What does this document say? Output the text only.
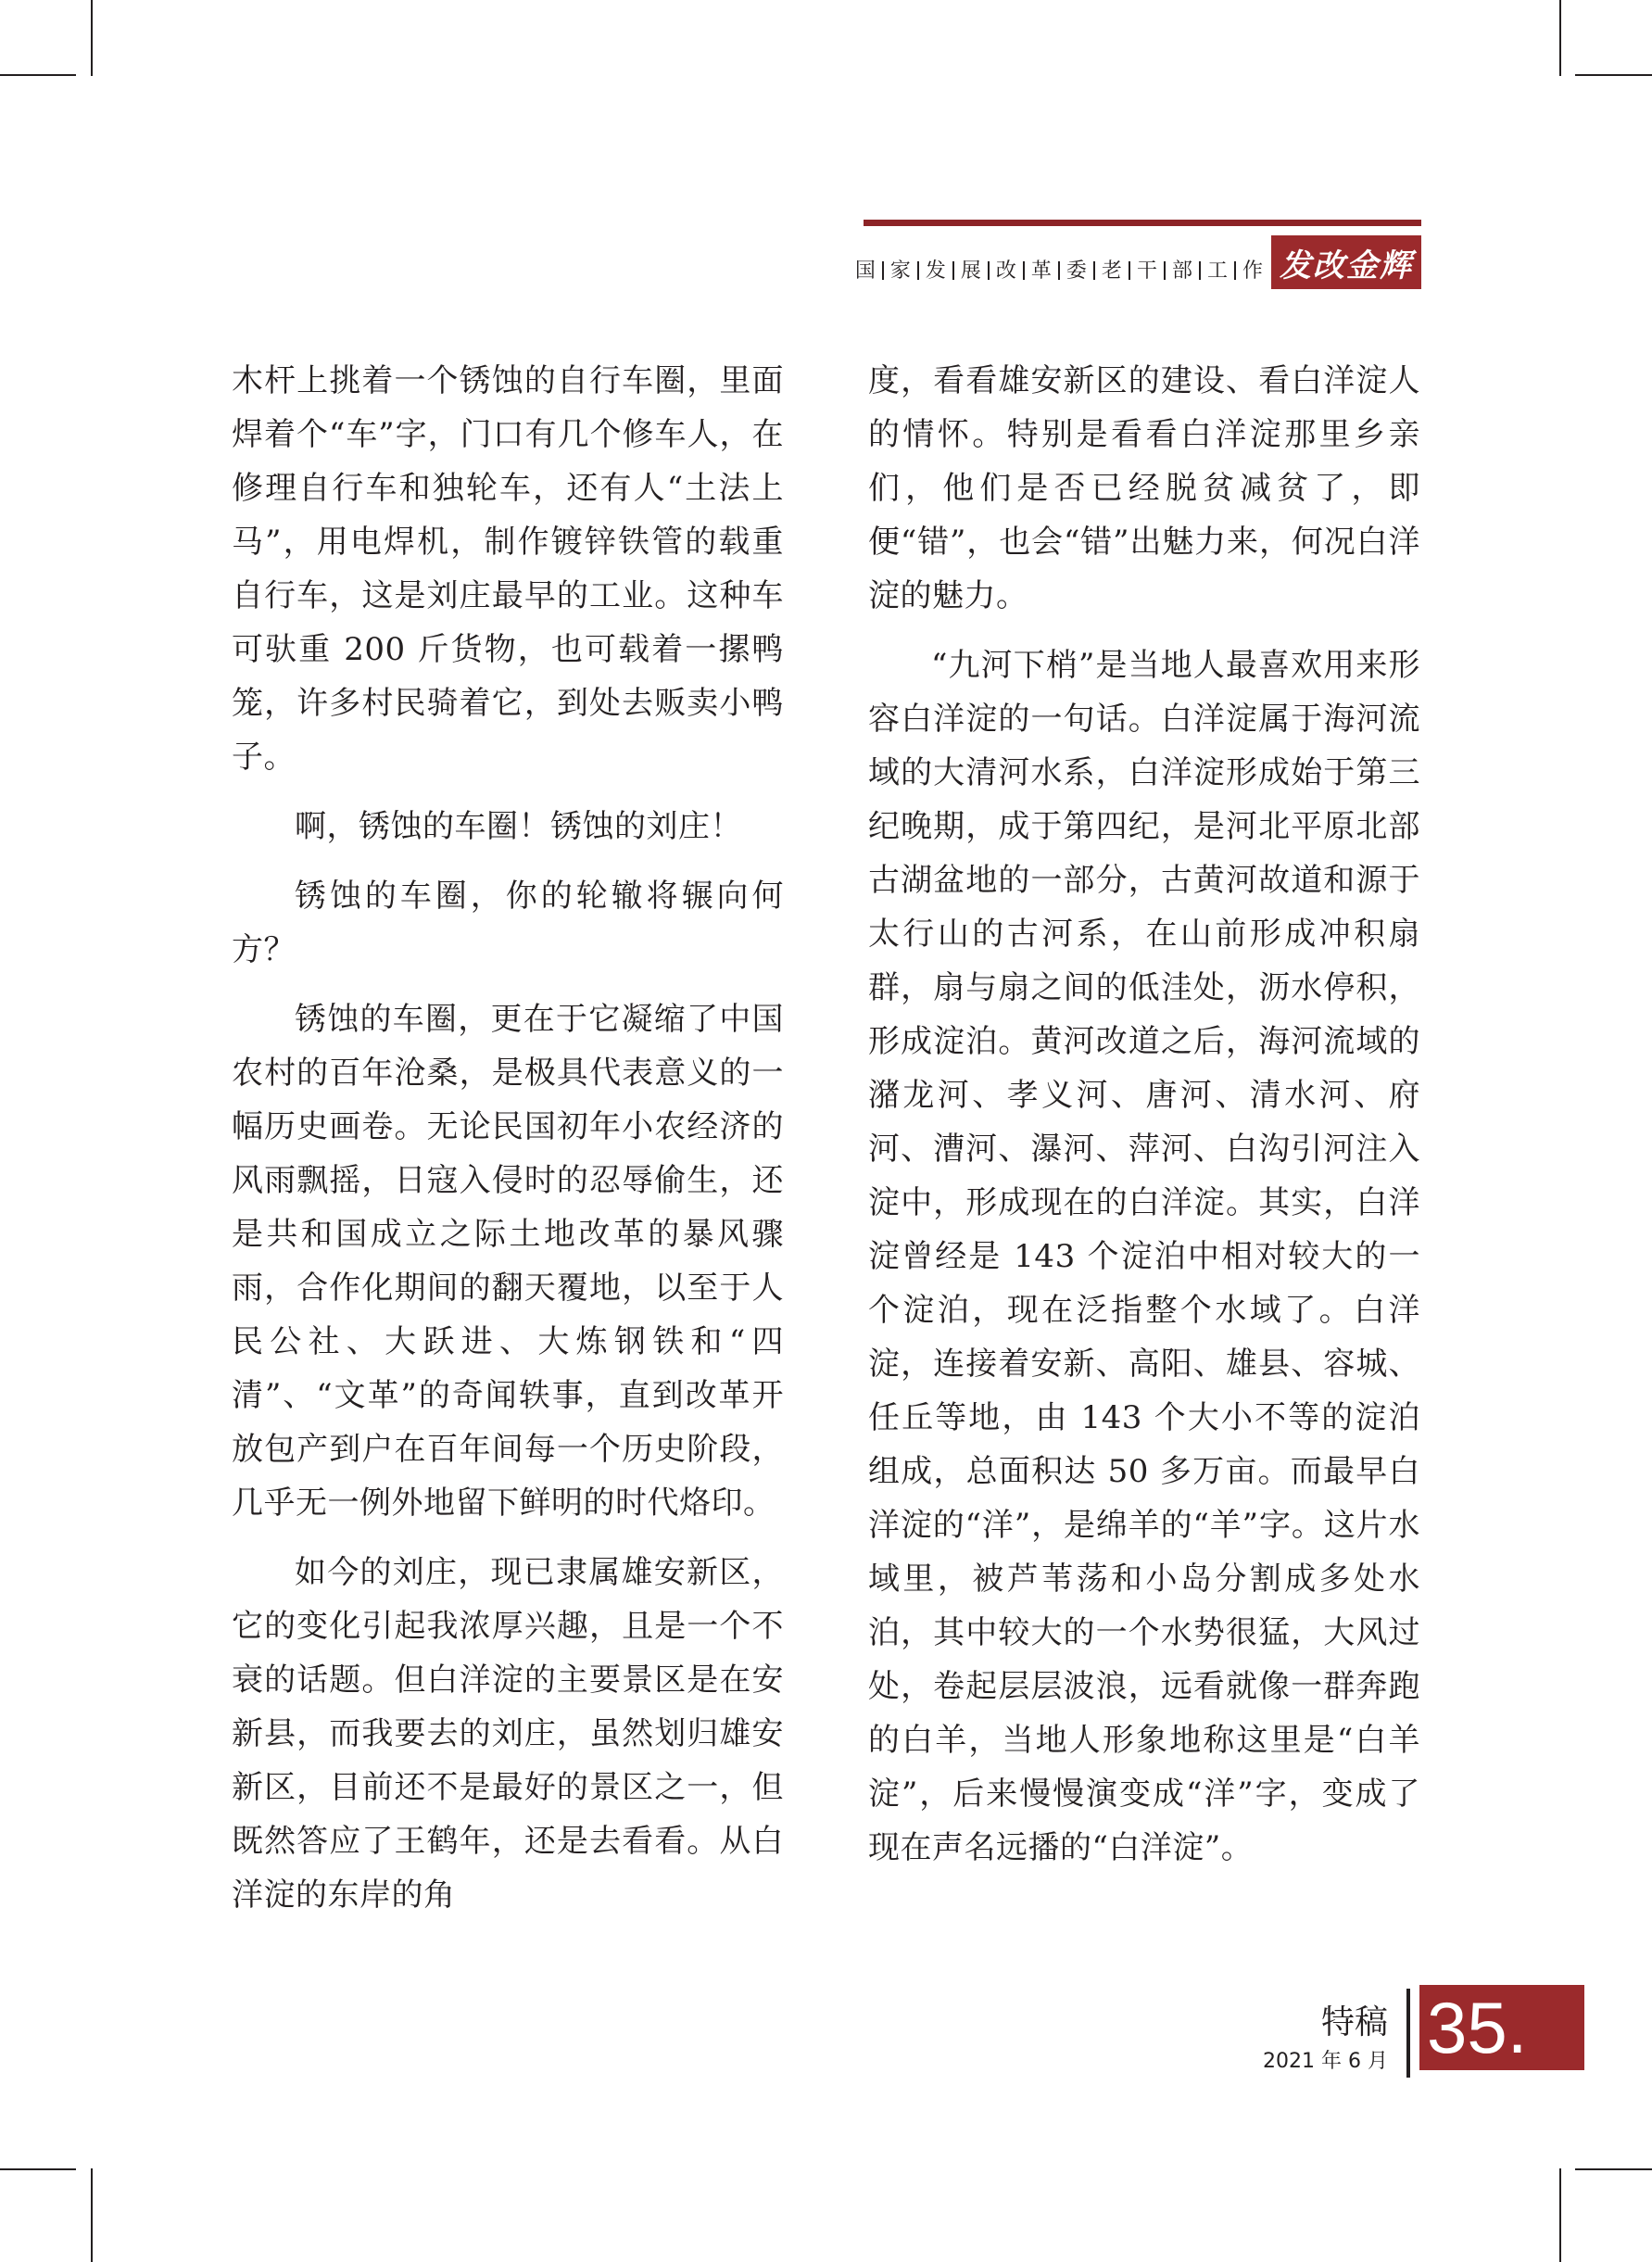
国 家 发 展 改 革 委 老 干 部 工 作 发改金辉

木杆上挑着一个锈蚀的自行车圈，里面焊着个“车”字，门口有几个修车人，在修理自行车和独轮车，还有人“土法上马”，用电焊机，制作镀锌铁管的载重自行车，这是刘庄最早的工业。这种车可驮重 200 斤货物，也可载着一摞鸭笼，许多村民骑着它，到处去贩卖小鸭子。

啊，锈蚀的车圈！锈蚀的刘庄！

锈蚀的车圈，你的轮辙将辗向何方？

锈蚀的车圈，更在于它凝缩了中国农村的百年沧桑，是极具代表意义的一幅历史画卷。无论民国初年小农经济的风雨飘摇，日寇入侵时的忍辱偷生，还是共和国成立之际土地改革的暴风骤雨，合作化期间的翻天覆地，以至于人民公社、大跃进、大炼钢铁和“四清”、“文革”的奇闻轶事，直到改革开放包产到户在百年间每一个历史阶段，几乎无一例外地留下鲜明的时代烙印。

如今的刘庄，现已隶属雄安新区，它的变化引起我浓厚兴趣，且是一个不衰的话题。但白洋淀的主要景区是在安新县，而我要去的刘庄，虽然划归雄安新区，目前还不是最好的景区之一，但既然答应了王鹤年，还是去看看。从白洋淀的东岸的角

度，看看雄安新区的建设、看白洋淀人的情怀。特别是看看白洋淀那里乡亲们，他们是否已经脱贫减贫了，即便“错”，也会“错”出魅力来，何况白洋淀的魅力。

“九河下梢”是当地人最喜欢用来形容白洋淀的一句话。白洋淀属于海河流域的大清河水系，白洋淀形成始于第三纪晚期，成于第四纪，是河北平原北部古湖盆地的一部分，古黄河故道和源于太行山的古河系，在山前形成冲积扇群，扇与扇之间的低洼处，沥水停积，形成淀泊。黄河改道之后，海河流域的潴龙河、孝义河、唐河、清水河、府河、漕河、瀑河、萍河、白沟引河注入淀中，形成现在的白洋淀。其实，白洋淀曾经是 143 个淀泊中相对较大的一个淀泊，现在泛指整个水域了。白洋淀，连接着安新、高阳、雄县、容城、任丘等地，由 143 个大小不等的淀泊组成，总面积达 50 多万亩。而最早白洋淀的“洋”，是绵羊的“羊”字。这片水域里，被芦苇荡和小岛分割成多处水泊，其中较大的一个水势很猛，大风过处，卷起层层波浪，远看就像一群奔跑的白羊，当地人形象地称这里是“白羊淀”，后来慢慢演变成“洋”字，变成了现在声名远播的“白洋淀”。

特稿
2021 年 6 月 35.
